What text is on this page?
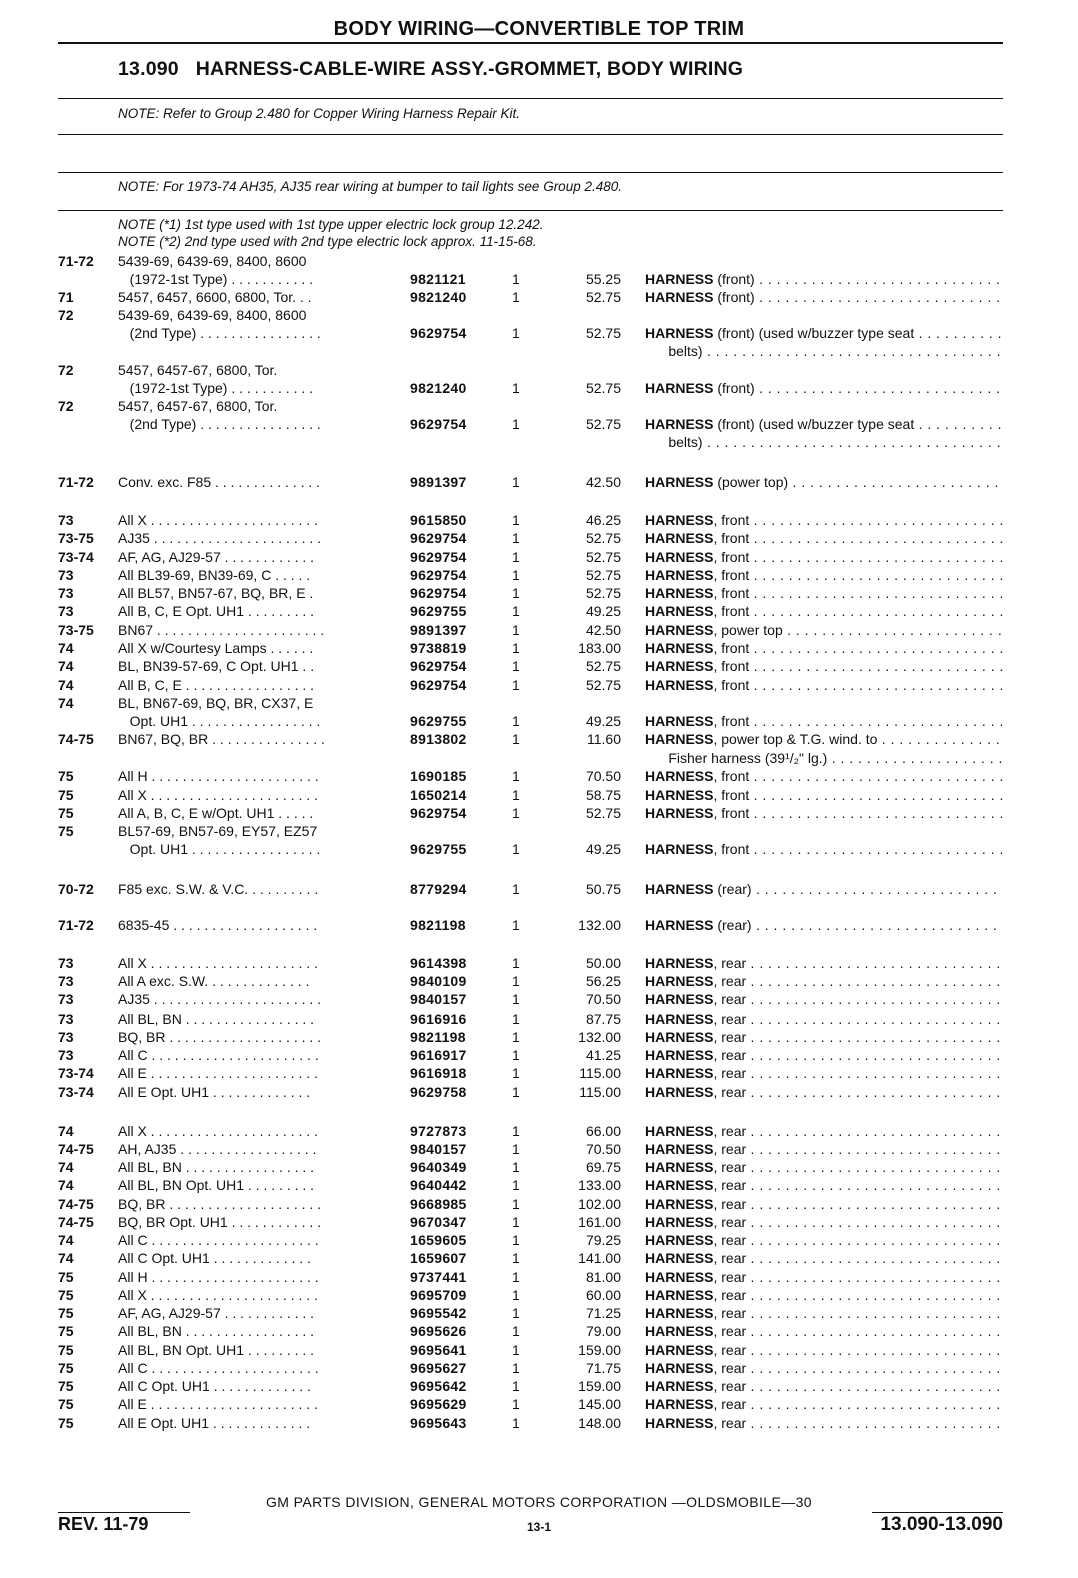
BODY WIRING—CONVERTIBLE TOP TRIM
13.090   HARNESS-CABLE-WIRE ASSY.-GROMMET, BODY WIRING
NOTE: Refer to Group 2.480 for Copper Wiring Harness Repair Kit.
NOTE: For 1973-74 AH35, AJ35 rear wiring at bumper to tail lights see Group 2.480.
NOTE (*1) 1st type used with 1st type upper electric lock group 12.242.
NOTE (*2) 2nd type used with 2nd type electric lock approx. 11-15-68.
71-72 5439-69, 6439-69, 8400, 8600
(1972-1st Type) . . . . . . . . . . .	9821121	1	55.25 HARNESS (front) . . .
71	5457, 6457, 6600, 6800, Tor. . .	9821240	1	52.75 HARNESS (front) . . .
72	5439-69, 6439-69, 8400, 8600
(2nd Type) . . . . . . . . . . . . . . . .	9629754	1	52.75 HARNESS (front) (used w/buzzer type seat . . .
belts) . . .
72	5457, 6457-67, 6800, Tor.
(1972-1st Type) . . . . . . . . . . .	9821240	1	52.75 HARNESS (front) . . .
72	5457, 6457-67, 6800, Tor.
(2nd Type) . . . . . . . . . . . . . . . .	9629754	1	52.75 HARNESS (front) (used w/buzzer type seat . . .
belts) . . .
71-72 Conv. exc. F85 . . . . . . . . . . . . . .	9891397	1	42.50 HARNESS (power top) . . .
73	All X . . . . . . . . . . . . . . . . . . . . . .	9615850	1	46.25 HARNESS, front . . .
73-75 AJ35 . . . . . . . . . . . . . . . . . . . . . .	9629754	1	52.75 HARNESS, front . . .
73-74 AF, AG, AJ29-57 . . . . . . . . . . . .	9629754	1	52.75 HARNESS, front . . .
73	All BL39-69, BN39-69, C . . . . .	9629754	1	52.75 HARNESS, front . . .
73	All BL57, BN57-67, BQ, BR, E .	9629754	1	52.75 HARNESS, front . . .
73	All B, C, E Opt. UH1 . . . . . . . . .	9629755	1	49.25 HARNESS, front . . .
73-75 BN67 . . . . . . . . . . . . . . . . . . . . . .	9891397	1	42.50 HARNESS, power top . . .
74	All X w/Courtesy Lamps . . . . . .	9738819	1	183.00 HARNESS, front . . .
74	BL, BN39-57-69, C Opt. UH1 . .	9629754	1	52.75 HARNESS, front . . .
74	All B, C, E . . . . . . . . . . . . . . . . .	9629754	1	52.75 HARNESS, front . . .
74	BL, BN67-69, BQ, BR, CX37, E
Opt. UH1 . . . . . . . . . . . . . . . . .	9629755	1	49.25 HARNESS, front . . .
74-75 BN67, BQ, BR . . . . . . . . . . . . . . .	8913802	1	11.60 HARNESS, power top & T.G. wind. to . . .
Fisher harness (39¹/₂" lg.) . . .
75	All H . . . . . . . . . . . . . . . . . . . . . .	1690185	1	70.50 HARNESS, front . . .
75	All X . . . . . . . . . . . . . . . . . . . . . .	1650214	1	58.75 HARNESS, front . . .
75	All A, B, C, E w/Opt. UH1 . . . . .	9629754	1	52.75 HARNESS, front . . .
75	BL57-69, BN57-69, EY57, EZ57
Opt. UH1 . . . . . . . . . . . . . . . . .	9629755	1	49.25 HARNESS, front . . .
70-72 F85 exc. S.W. & V.C. . . . . . . . . .	8779294	1	50.75 HARNESS (rear) . . .
71-72 6835-45 . . . . . . . . . . . . . . . . . . .	9821198	1	132.00 HARNESS (rear) . . .
73	All X . . . . . . . . . . . . . . . . . . . . . .	9614398	1	50.00 HARNESS, rear . . .
73	All A exc. S.W. . . . . . . . . . . . . .	9840109	1	56.25 HARNESS, rear . . .
73	AJ35 . . . . . . . . . . . . . . . . . . . . . .	9840157	1	70.50 HARNESS, rear . . .
73	All BL, BN . . . . . . . . . . . . . . . . .	9616916	1	87.75 HARNESS, rear . . .
73	BQ, BR . . . . . . . . . . . . . . . . . . . .	9821198	1	132.00 HARNESS, rear . . .
73	All C . . . . . . . . . . . . . . . . . . . . . .	9616917	1	41.25 HARNESS, rear . . .
73-74 All E . . . . . . . . . . . . . . . . . . . . . .	9616918	1	115.00 HARNESS, rear . . .
73-74 All E Opt. UH1 . . . . . . . . . . . . .	9629758	1	115.00 HARNESS, rear . . .
74	All X . . . . . . . . . . . . . . . . . . . . . .	9727873	1	66.00 HARNESS, rear . . .
74-75 AH, AJ35 . . . . . . . . . . . . . . . . . .	9840157	1	70.50 HARNESS, rear . . .
74	All BL, BN . . . . . . . . . . . . . . . . .	9640349	1	69.75 HARNESS, rear . . .
74	All BL, BN Opt. UH1 . . . . . . . . .	9640442	1	133.00 HARNESS, rear . . .
74-75 BQ, BR . . . . . . . . . . . . . . . . . . . .	9668985	1	102.00 HARNESS, rear . . .
74-75 BQ, BR Opt. UH1 . . . . . . . . . . . .	9670347	1	161.00 HARNESS, rear . . .
74	All C . . . . . . . . . . . . . . . . . . . . . .	1659605	1	79.25 HARNESS, rear . . .
74	All C Opt. UH1 . . . . . . . . . . . . .	1659607	1	141.00 HARNESS, rear . . .
75	All H . . . . . . . . . . . . . . . . . . . . . .	9737441	1	81.00 HARNESS, rear . . .
75	All X . . . . . . . . . . . . . . . . . . . . . .	9695709	1	60.00 HARNESS, rear . . .
75	AF, AG, AJ29-57 . . . . . . . . . . . .	9695542	1	71.25 HARNESS, rear . . .
75	All BL, BN . . . . . . . . . . . . . . . . .	9695626	1	79.00 HARNESS, rear . . .
75	All BL, BN Opt. UH1 . . . . . . . . .	9695641	1	159.00 HARNESS, rear . . .
75	All C . . . . . . . . . . . . . . . . . . . . . .	9695627	1	71.75 HARNESS, rear . . .
75	All C Opt. UH1 . . . . . . . . . . . . .	9695642	1	159.00 HARNESS, rear . . .
75	All E . . . . . . . . . . . . . . . . . . . . . .	9695629	1	145.00 HARNESS, rear . . .
75	All E Opt. UH1 . . . . . . . . . . . . .	9695643	1	148.00 HARNESS, rear . . .
GM PARTS DIVISION, GENERAL MOTORS CORPORATION —OLDSMOBILE—30
REV. 11-79	13-1	13.090-13.090
